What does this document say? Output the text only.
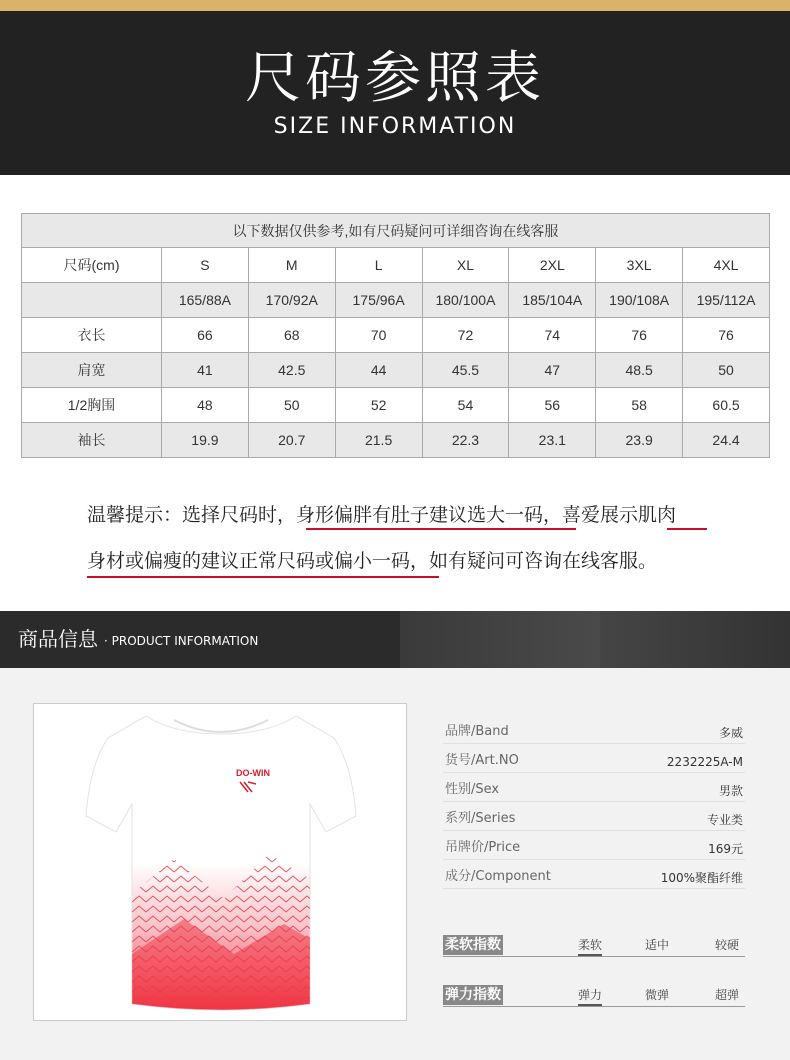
尺码参照表
SIZE INFORMATION
以下数据仅供参考,如有尺码疑问可详细咨询在线客服							
尺码(cm)	S	M	L	XL	2XL	3XL	4XL
	165/88A	170/92A	175/96A	180/100A	185/104A	190/108A	195/112A
衣长	66	68	70	72	74	76	76
肩宽	41	42.5	44	45.5	47	48.5	50
1/2胸围	48	50	52	54	56	58	60.5
袖长	19.9	20.7	21.5	22.3	23.1	23.9	24.4
温馨提示：选择尺码时，身形偏胖有肚子建议选大一码，喜爱展示肌肉
身材或偏瘦的建议正常尺码或偏小一码，如有疑问可咨询在线客服。
商品信息 · PRODUCT INFORMATION
DO-WIN
品牌/Band	多威
货号/Art.NO	2232225A-M
性别/Sex	男款
系列/Series	专业类
吊牌价/Price	169元
成分/Component	100%聚酯纤维
柔软指数	柔软	适中	较硬
弹力指数	弹力	微弹	超弹
